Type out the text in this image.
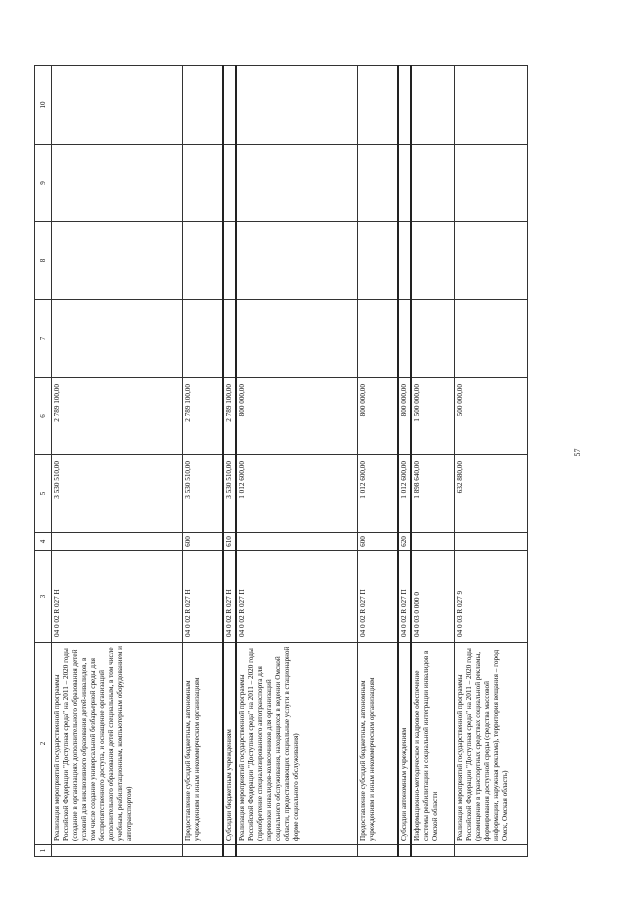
57
1	2	3	4	5	6	7	8	9	10
	Реализация мероприятий государственной программы Российской Федерации "Доступная среда" на 2011 – 2020 годы (создание в организациях дополнительного образования детей условий для инклюзивного образования детей-инвалидов, в том числе создание универсальной безбарьерной среды для беспрепятственного доступа, и оснащение организаций дополнительного образования детей специальным, в том числе учебным, реабилитационным, компьютерным оборудованием и автотранспортом)	04 0 02 R 027 Н		3 530 510,00	2 789 100,00				
	Предоставление субсидий бюджетным, автономным учреждениям и иным некоммерческим организациям	04 0 02 R 027 Н	600	3 530 510,00	2 789 100,00				
	Субсидии бюджетным учреждениям	04 0 02 R 027 Н	610	3 530 510,00	2 789 100,00				
	Реализация мероприятий государственной программы Российской Федерации "Доступная среда" на 2011 – 2020 годы (приобретение специализированного автотранспорта для перевозки инвалидов-колясочников для организаций социального обслуживания, находящихся в ведении Омской области, предоставляющих социальные услуги в стационарной форме социального обслуживания)	04 0 02 R 027 П		1 012 600,00	800 000,00				
	Предоставление субсидий бюджетным, автономным учреждениям и иным некоммерческим организациям	04 0 02 R 027 П	600	1 012 600,00	800 000,00				
	Субсидии автономным учреждениям	04 0 02 R 027 П	620	1 012 600,00	800 000,00				
	Информационно-методическое и кадровое обеспечение системы реабилитации и социальной интеграции инвалидов в Омской области	04 0 03 0 000 0		1 898 640,00	1 500 000,00				
	Реализация мероприятий государственной программы Российской Федерации "Доступная среда" на 2011 – 2020 годы (размещение в транспортных средствах социальной рекламы, формирования доступной среды (средства массовой информации, наружная реклама), территория вещания – город Омск, Омская область)	04 0 03 R 027 9		632 880,00	500 000,00				
